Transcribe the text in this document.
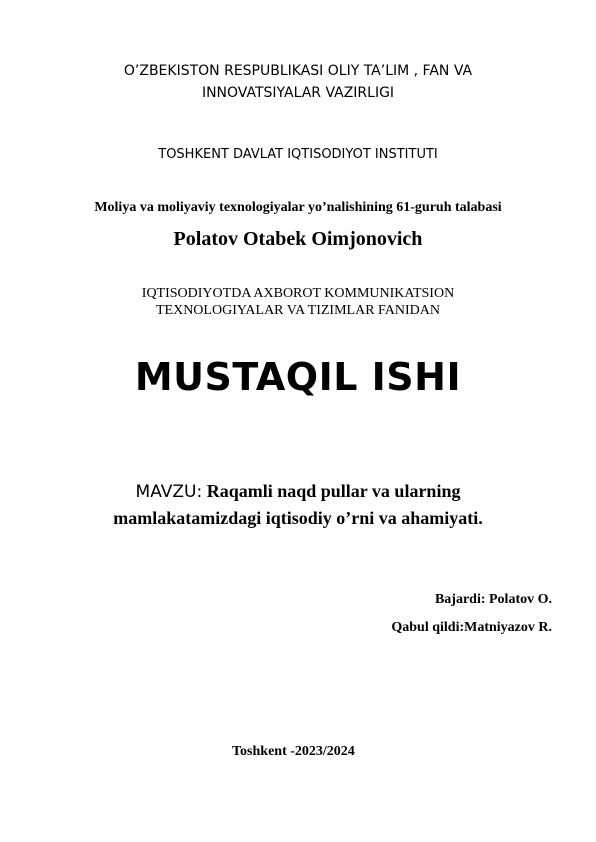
O’ZBEKISTON RESPUBLIKASI OLIY TA’LIM , FAN VA
INNOVATSIYALAR VAZIRLIGI
TOSHKENT DAVLAT IQTISODIYOT INSTITUTI
Moliya va moliyaviy texnologiyalar yo’nalishining 61-guruh talabasi
Polatov Otabek Oimjonovich
IQTISODIYOTDA AXBOROT KOMMUNIKATSION
TEXNOLOGIYALAR VA TIZIMLAR FANIDAN
MUSTAQIL ISHI
MAVZU: Raqamli naqd pullar va ularning
mamlakatamizdagi iqtisodiy o’rni va ahamiyati.
Bajardi: Polatov O.
Qabul qildi:Matniyazov R.
Toshkent -2023/2024
